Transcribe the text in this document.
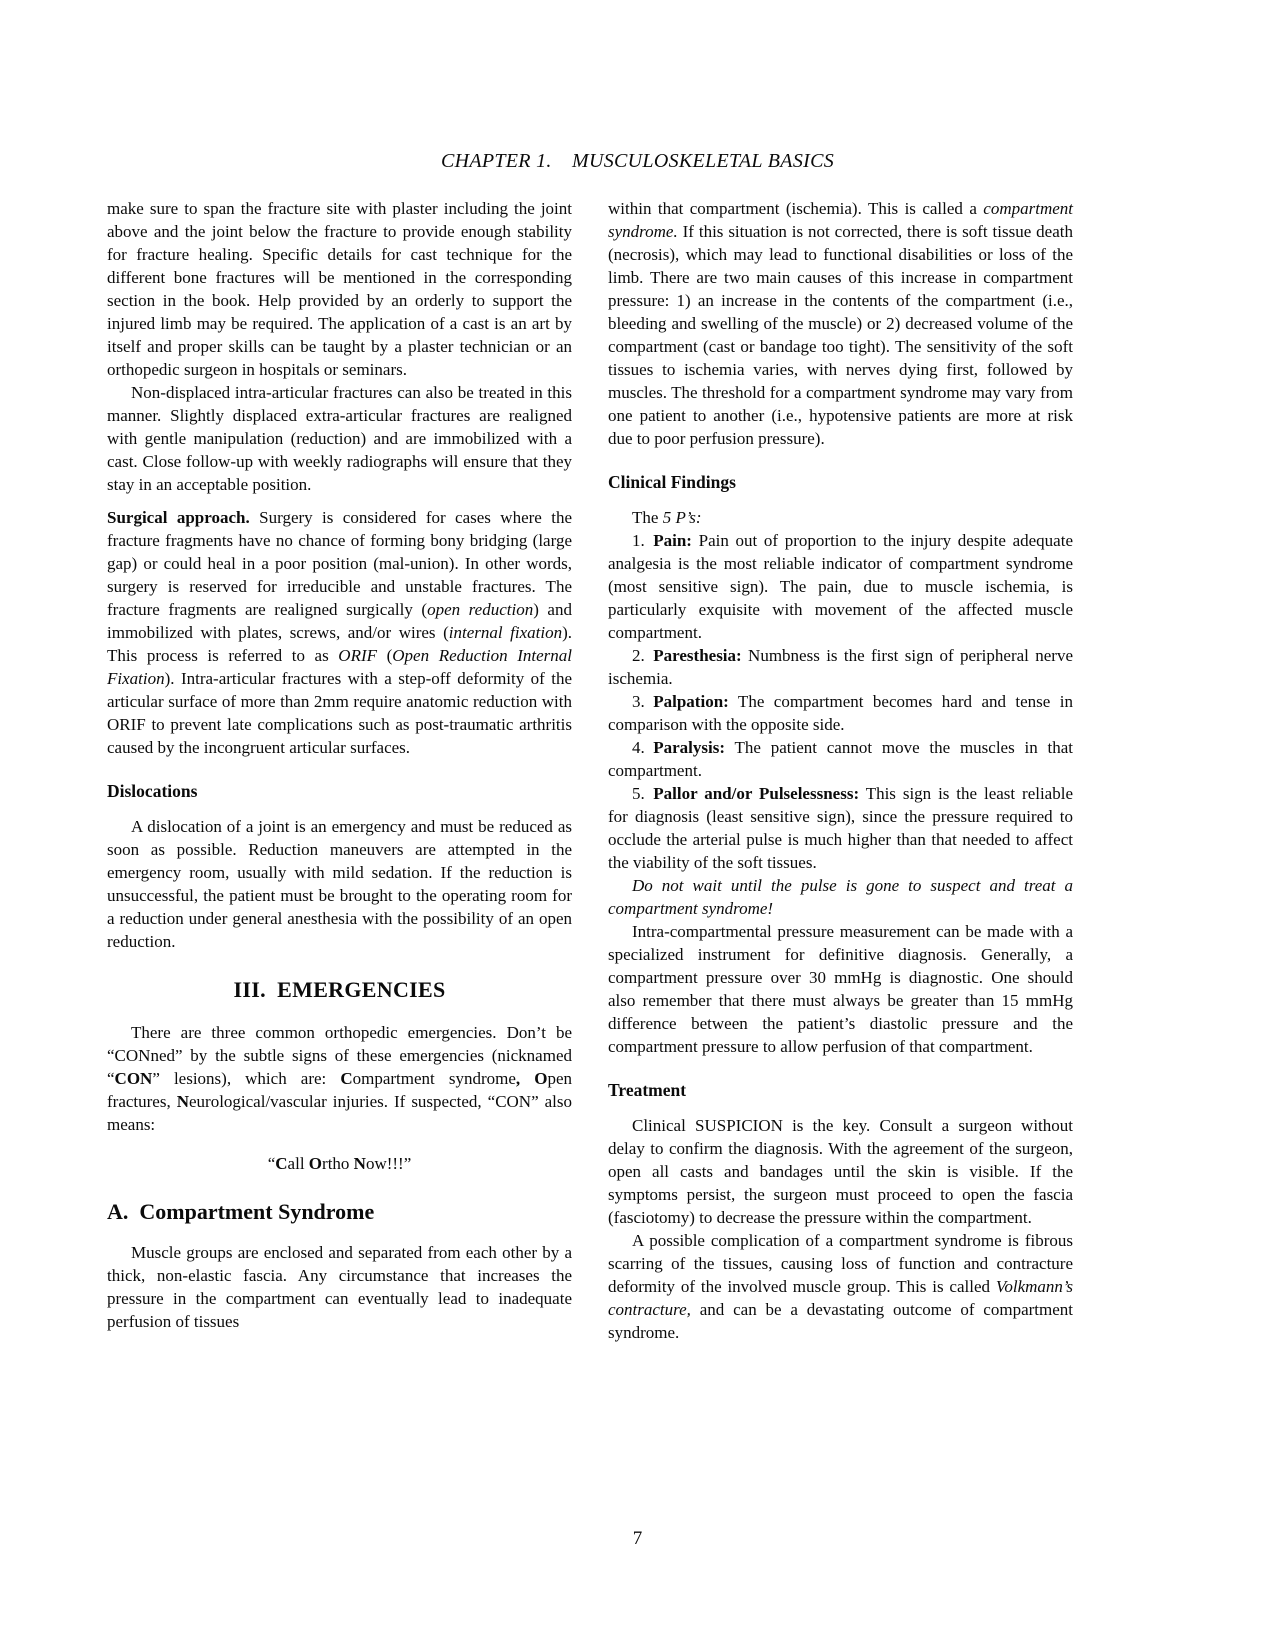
CHAPTER 1. MUSCULOSKELETAL BASICS

make sure to span the fracture site with plaster including the joint above and the joint below the fracture to provide enough stability for fracture healing. Specific details for cast technique for the different bone fractures will be mentioned in the corresponding section in the book. Help provided by an orderly to support the injured limb may be required. The application of a cast is an art by itself and proper skills can be taught by a plaster technician or an orthopedic surgeon in hospitals or seminars.

Non-displaced intra-articular fractures can also be treated in this manner. Slightly displaced extra-articular fractures are realigned with gentle manipulation (reduction) and are immobilized with a cast. Close follow-up with weekly radiographs will ensure that they stay in an acceptable position.

Surgical approach. Surgery is considered for cases where the fracture fragments have no chance of forming bony bridging (large gap) or could heal in a poor position (mal-union). In other words, surgery is reserved for irreducible and unstable fractures. The fracture fragments are realigned surgically (open reduction) and immobilized with plates, screws, and/or wires (internal fixation). This process is referred to as ORIF (Open Reduction Internal Fixation). Intra-articular fractures with a step-off deformity of the articular surface of more than 2mm require anatomic reduction with ORIF to prevent late complications such as post-traumatic arthritis caused by the incongruent articular surfaces.

Dislocations

A dislocation of a joint is an emergency and must be reduced as soon as possible. Reduction maneuvers are attempted in the emergency room, usually with mild sedation. If the reduction is unsuccessful, the patient must be brought to the operating room for a reduction under general anesthesia with the possibility of an open reduction.

III. EMERGENCIES

There are three common orthopedic emergencies. Don’t be “CONned” by the subtle signs of these emergencies (nicknamed “CON” lesions), which are: Compartment syndrome, Open fractures, Neurological/vascular injuries. If suspected, “CON” also means:

“Call Ortho Now!!!”

A. Compartment Syndrome

Muscle groups are enclosed and separated from each other by a thick, non-elastic fascia. Any circumstance that increases the pressure in the compartment can eventually lead to inadequate perfusion of tissues

within that compartment (ischemia). This is called a compartment syndrome. If this situation is not corrected, there is soft tissue death (necrosis), which may lead to functional disabilities or loss of the limb. There are two main causes of this increase in compartment pressure: 1) an increase in the contents of the compartment (i.e., bleeding and swelling of the muscle) or 2) decreased volume of the compartment (cast or bandage too tight). The sensitivity of the soft tissues to ischemia varies, with nerves dying first, followed by muscles. The threshold for a compartment syndrome may vary from one patient to another (i.e., hypotensive patients are more at risk due to poor perfusion pressure).

Clinical Findings

The 5 P’s:

1. Pain: Pain out of proportion to the injury despite adequate analgesia is the most reliable indicator of compartment syndrome (most sensitive sign). The pain, due to muscle ischemia, is particularly exquisite with movement of the affected muscle compartment.

2. Paresthesia: Numbness is the first sign of peripheral nerve ischemia.

3. Palpation: The compartment becomes hard and tense in comparison with the opposite side.

4. Paralysis: The patient cannot move the muscles in that compartment.

5. Pallor and/or Pulselessness: This sign is the least reliable for diagnosis (least sensitive sign), since the pressure required to occlude the arterial pulse is much higher than that needed to affect the viability of the soft tissues.

Do not wait until the pulse is gone to suspect and treat a compartment syndrome!

Intra-compartmental pressure measurement can be made with a specialized instrument for definitive diagnosis. Generally, a compartment pressure over 30 mmHg is diagnostic. One should also remember that there must always be greater than 15 mmHg difference between the patient’s diastolic pressure and the compartment pressure to allow perfusion of that compartment.

Treatment

Clinical SUSPICION is the key. Consult a surgeon without delay to confirm the diagnosis. With the agreement of the surgeon, open all casts and bandages until the skin is visible. If the symptoms persist, the surgeon must proceed to open the fascia (fasciotomy) to decrease the pressure within the compartment.

A possible complication of a compartment syndrome is fibrous scarring of the tissues, causing loss of function and contracture deformity of the involved muscle group. This is called Volkmann’s contracture, and can be a devastating outcome of compartment syndrome.

7
